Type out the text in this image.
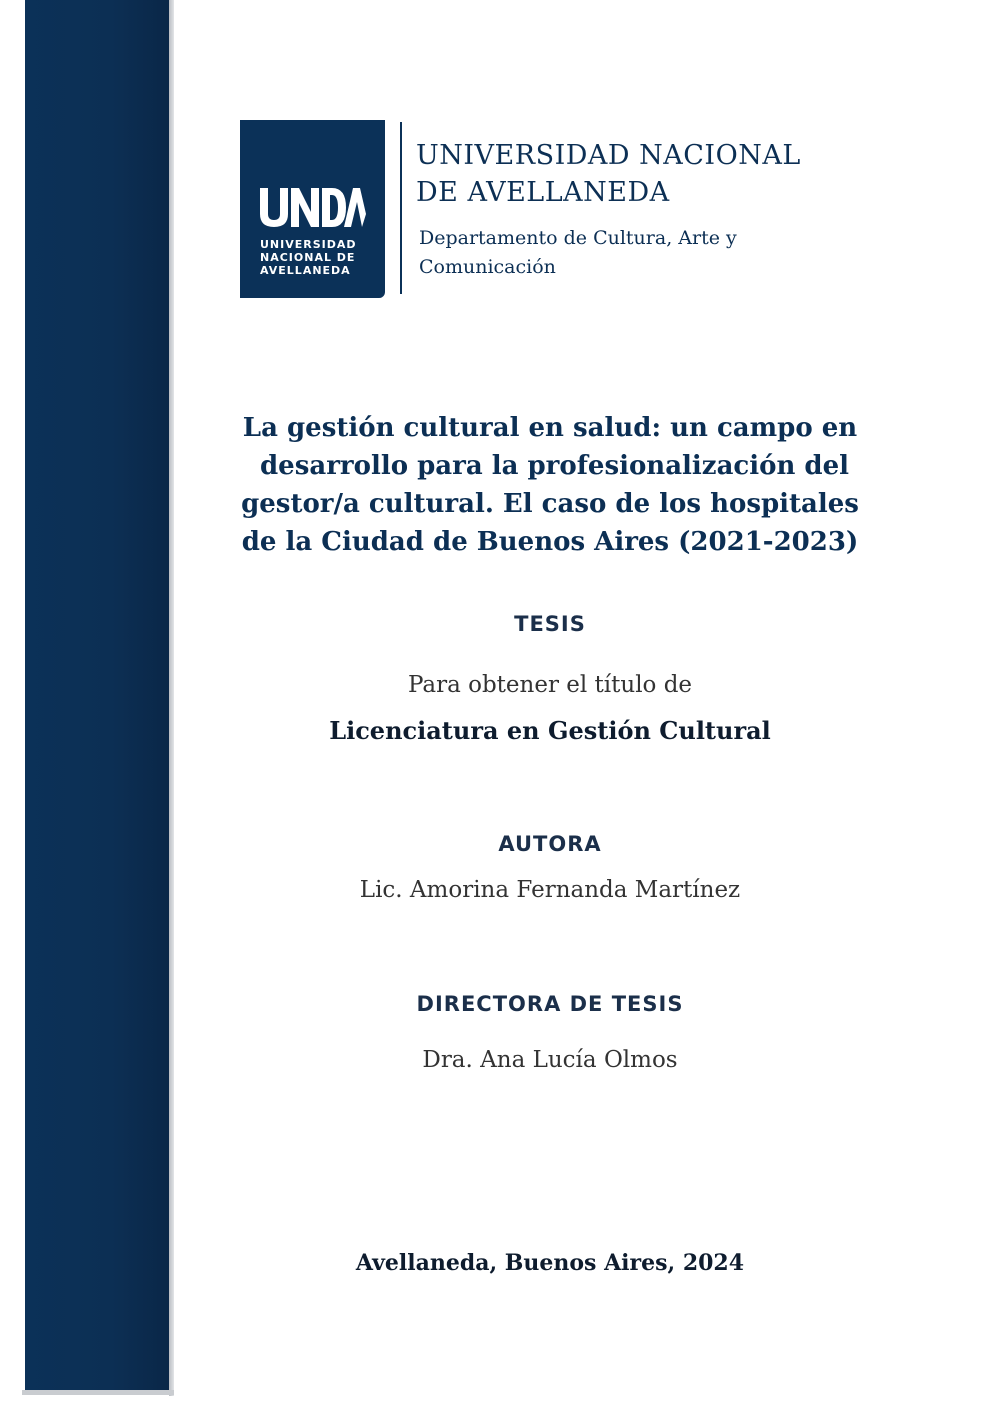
UNIVERSIDAD
NACIONAL DE
AVELLANEDA
UNIVERSIDAD NACIONAL
DE AVELLANEDA
Departamento de Cultura, Arte y
Comunicación
La gestión cultural en salud: un campo en
desarrollo para la profesionalización del
gestor/a cultural. El caso de los hospitales
de la Ciudad de Buenos Aires (2021-2023)
TESIS
Para obtener el título de
Licenciatura en Gestión Cultural
AUTORA
Lic. Amorina Fernanda Martínez
DIRECTORA DE TESIS
Dra. Ana Lucía Olmos
Avellaneda, Buenos Aires, 2024
